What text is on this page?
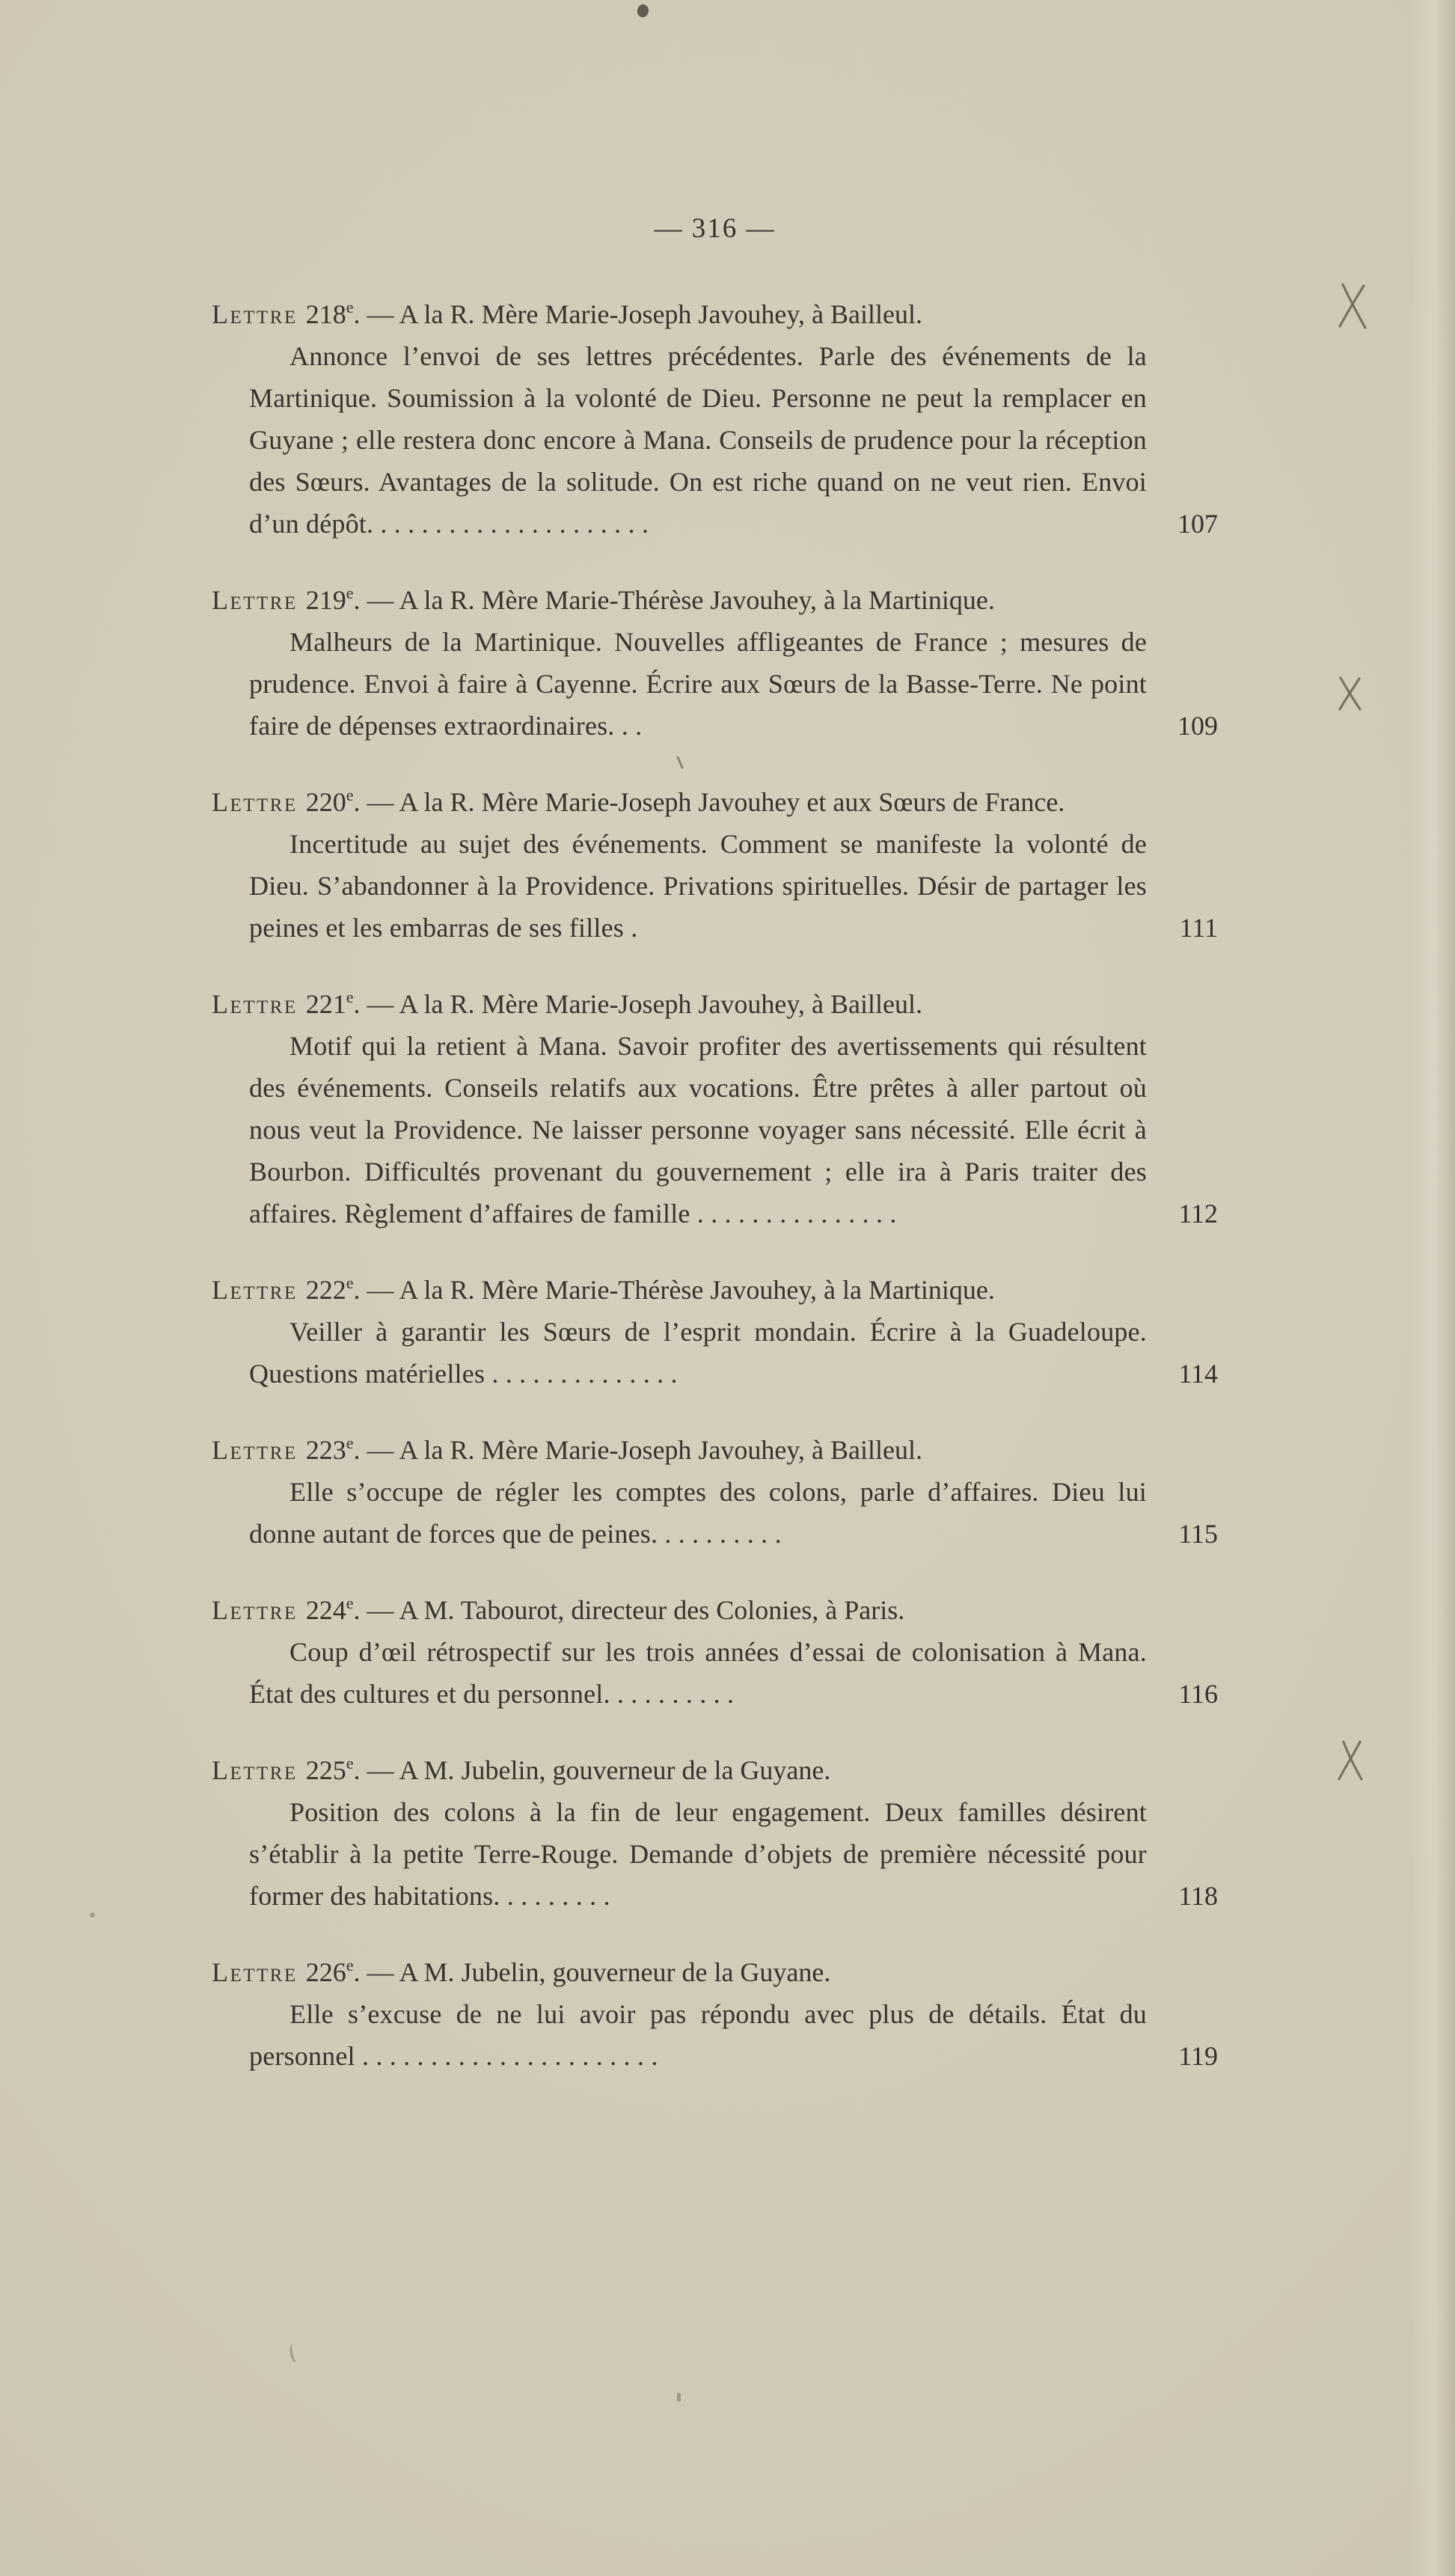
— 316 —
Lettre 218e. — A la R. Mère Marie-Joseph Javouhey, à Bailleul.
Annonce l’envoi de ses lettres précédentes. Parle des événements de la Martinique. Soumission à la volonté de Dieu. Personne ne peut la remplacer en Guyane ; elle restera donc encore à Mana. Conseils de prudence pour la réception des Sœurs. Avantages de la solitude. On est riche quand on ne veut rien. Envoi d’un dépôt. . . . . . . . . . . . . . . . . . . . .	107
Lettre 219e. — A la R. Mère Marie-Thérèse Javouhey, à la Martinique.
Malheurs de la Martinique. Nouvelles affligeantes de France ; mesures de prudence. Envoi à faire à Cayenne. Écrire aux Sœurs de la Basse-Terre. Ne point faire de dépenses extraordinaires. . .	109
Lettre 220e. — A la R. Mère Marie-Joseph Javouhey et aux Sœurs de France.
Incertitude au sujet des événements. Comment se manifeste la volonté de Dieu. S’abandonner à la Providence. Privations spirituelles. Désir de partager les peines et les embarras de ses filles .	111
Lettre 221e. — A la R. Mère Marie-Joseph Javouhey, à Bailleul.
Motif qui la retient à Mana. Savoir profiter des avertissements qui résultent des événements. Conseils relatifs aux vocations. Être prêtes à aller partout où nous veut la Providence. Ne laisser personne voyager sans nécessité. Elle écrit à Bourbon. Difficultés provenant du gouvernement ; elle ira à Paris traiter des affaires. Règlement d’affaires de famille . . . . . . . . . . . . . . .	112
Lettre 222e. — A la R. Mère Marie-Thérèse Javouhey, à la Martinique.
Veiller à garantir les Sœurs de l’esprit mondain. Écrire à la Guadeloupe. Questions matérielles . . . . . . . . . . . . . .	114
Lettre 223e. — A la R. Mère Marie-Joseph Javouhey, à Bailleul.
Elle s’occupe de régler les comptes des colons, parle d’affaires. Dieu lui donne autant de forces que de peines. . . . . . . . . .	115
Lettre 224e. — A M. Tabourot, directeur des Colonies, à Paris.
Coup d’œil rétrospectif sur les trois années d’essai de colonisation à Mana. État des cultures et du personnel. . . . . . . . . .	116
Lettre 225e. — A M. Jubelin, gouverneur de la Guyane.
Position des colons à la fin de leur engagement. Deux familles désirent s’établir à la petite Terre-Rouge. Demande d’objets de première nécessité pour former des habitations. . . . . . . . .	118
Lettre 226e. — A M. Jubelin, gouverneur de la Guyane.
Elle s’excuse de ne lui avoir pas répondu avec plus de détails. État du personnel . . . . . . . . . . . . . . . . . . . . . .	119
